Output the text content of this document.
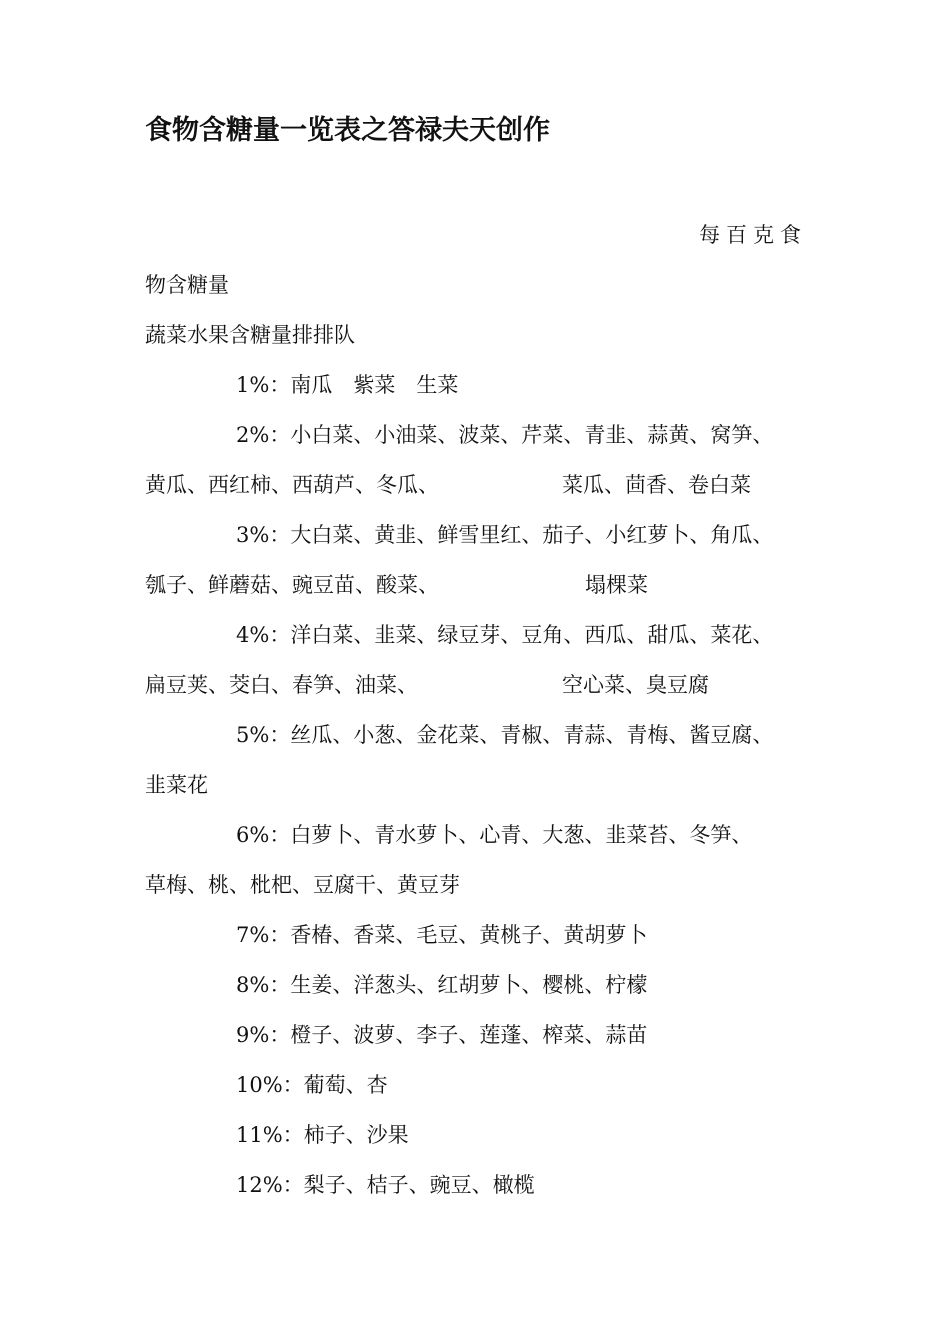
食物含糖量一览表之答禄夫天创作
每百克食
物含糖量
蔬菜水果含糖量排排队
1%：南瓜　紫菜　生菜
2%：小白菜、小油菜、波菜、芹菜、青韭、蒜黄、窝笋、
黄瓜、西红柿、西葫芦、冬瓜、	菜瓜、茴香、卷白菜
3%：大白菜、黄韭、鲜雪里红、茄子、小红萝卜、角瓜、
瓠子、鲜蘑菇、豌豆苗、酸菜、	塌棵菜
4%：洋白菜、韭菜、绿豆芽、豆角、西瓜、甜瓜、菜花、
扁豆荚、茭白、春笋、油菜、	空心菜、臭豆腐
5%：丝瓜、小葱、金花菜、青椒、青蒜、青梅、酱豆腐、
韭菜花
6%：白萝卜、青水萝卜、心青、大葱、韭菜苔、冬笋、
草梅、桃、枇杷、豆腐干、黄豆芽
7%：香椿、香菜、毛豆、黄桃子、黄胡萝卜
8%：生姜、洋葱头、红胡萝卜、樱桃、柠檬
9%：橙子、波萝、李子、莲蓬、榨菜、蒜苗
10%：葡萄、杏
11%：柿子、沙果
12%：梨子、桔子、豌豆、橄榄
